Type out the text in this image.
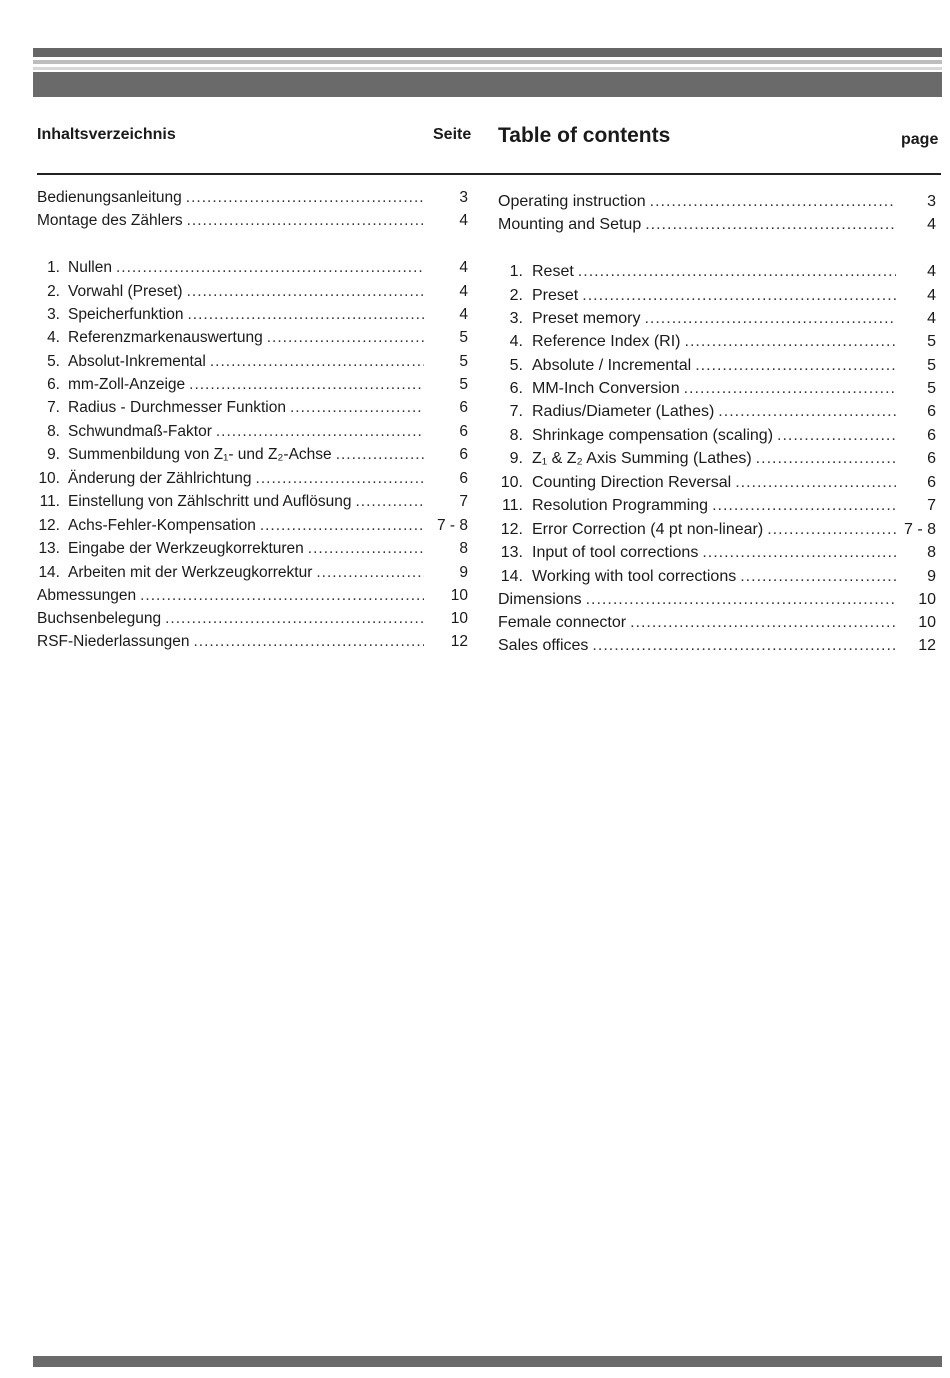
Inhaltsverzeichnis	Seite Table of contents	page
Bedienungsanleitung .....	3
Montage des Zählers .....	4
1. Nullen .....	4
2. Vorwahl (Preset) .....	4
3. Speicherfunktion .....	4
4. Referenzmarkenauswertung .....	5
5. Absolut-Inkremental .....	5
6. mm-Zoll-Anzeige .....	5
7. Radius - Durchmesser Funktion .....	6
8. Schwundmaß-Faktor .....	6
9. Summenbildung von Z₁- und Z₂-Achse .....	6
10. Änderung der Zählrichtung .....	6
11. Einstellung von Zählschritt und Auflösung .....	7
12. Achs-Fehler-Kompensation .....	7 - 8
13. Eingabe der Werkzeugkorrekturen .....	8
14. Arbeiten mit der Werkzeugkorrektur .....	9
Abmessungen .....	10
Buchsenbelegung .....	10
RSF-Niederlassungen .....	12
Operating instruction .....	3
Mounting and Setup .....	4
1. Reset .....	4
2. Preset .....	4
3. Preset memory .....	4
4. Reference Index (RI) .....	5
5. Absolute / Incremental .....	5
6. MM-Inch Conversion .....	5
7. Radius/Diameter (Lathes) .....	6
8. Shrinkage compensation (scaling) .....	6
9. Z₁ & Z₂ Axis Summing (Lathes) .....	6
10. Counting Direction Reversal .....	6
11. Resolution Programming .....	7
12. Error Correction (4 pt non-linear) .....	7 - 8
13. Input of tool corrections .....	8
14. Working with tool corrections .....	9
Dimensions .....	10
Female connector .....	10
Sales offices .....	12
